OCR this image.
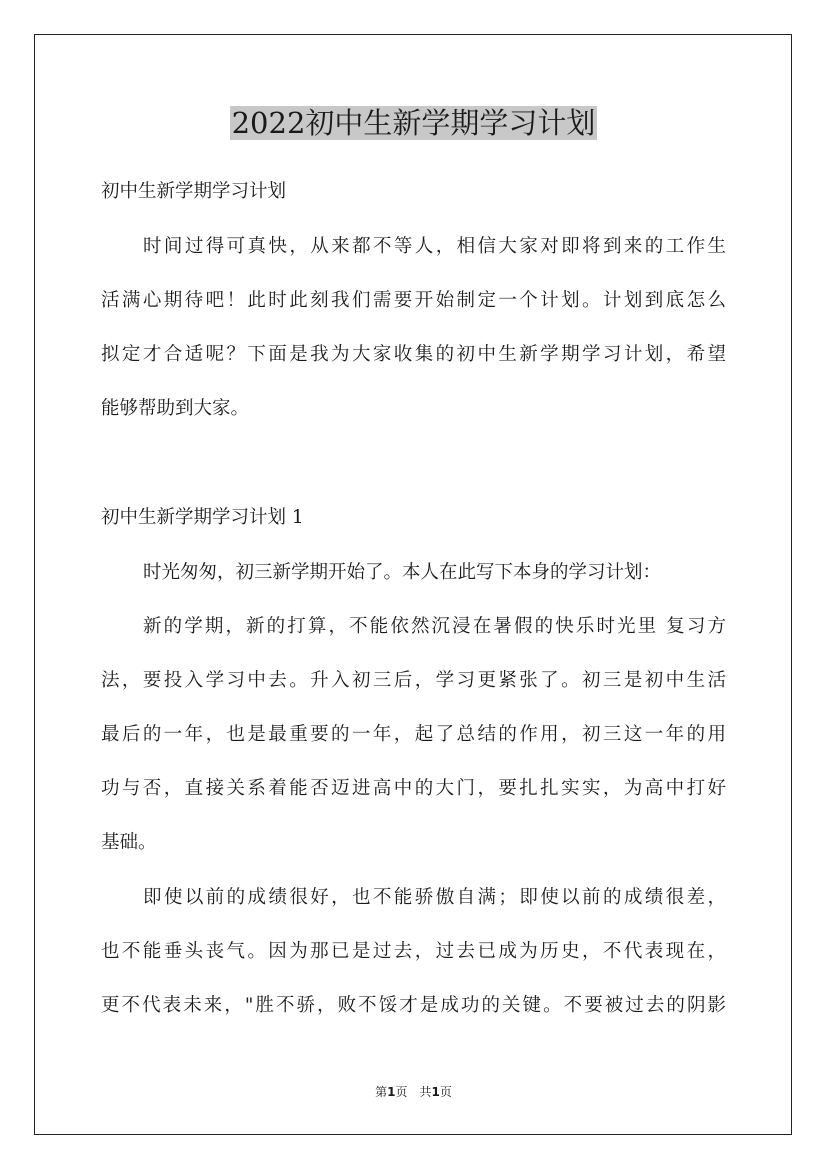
2022初中生新学期学习计划

初中生新学期学习计划

时间过得可真快，从来都不等人，相信大家对即将到来的工作生

活满心期待吧！此时此刻我们需要开始制定一个计划。计划到底怎么

拟定才合适呢？下面是我为大家收集的初中生新学期学习计划，希望

能够帮助到大家。

初中生新学期学习计划 1

时光匆匆，初三新学期开始了。本人在此写下本身的学习计划：

新的学期，新的打算，不能依然沉浸在暑假的快乐时光里 复习方

法，要投入学习中去。升入初三后，学习更紧张了。初三是初中生活

最后的一年，也是最重要的一年，起了总结的作用，初三这一年的用

功与否，直接关系着能否迈进高中的大门，要扎扎实实，为高中打好

基础。

即使以前的成绩很好，也不能骄傲自满；即使以前的成绩很差，

也不能垂头丧气。因为那已是过去，过去已成为历史，不代表现在，

更不代表未来，"胜不骄，败不馁才是成功的关键。不要被过去的阴影

第1页 共1页
